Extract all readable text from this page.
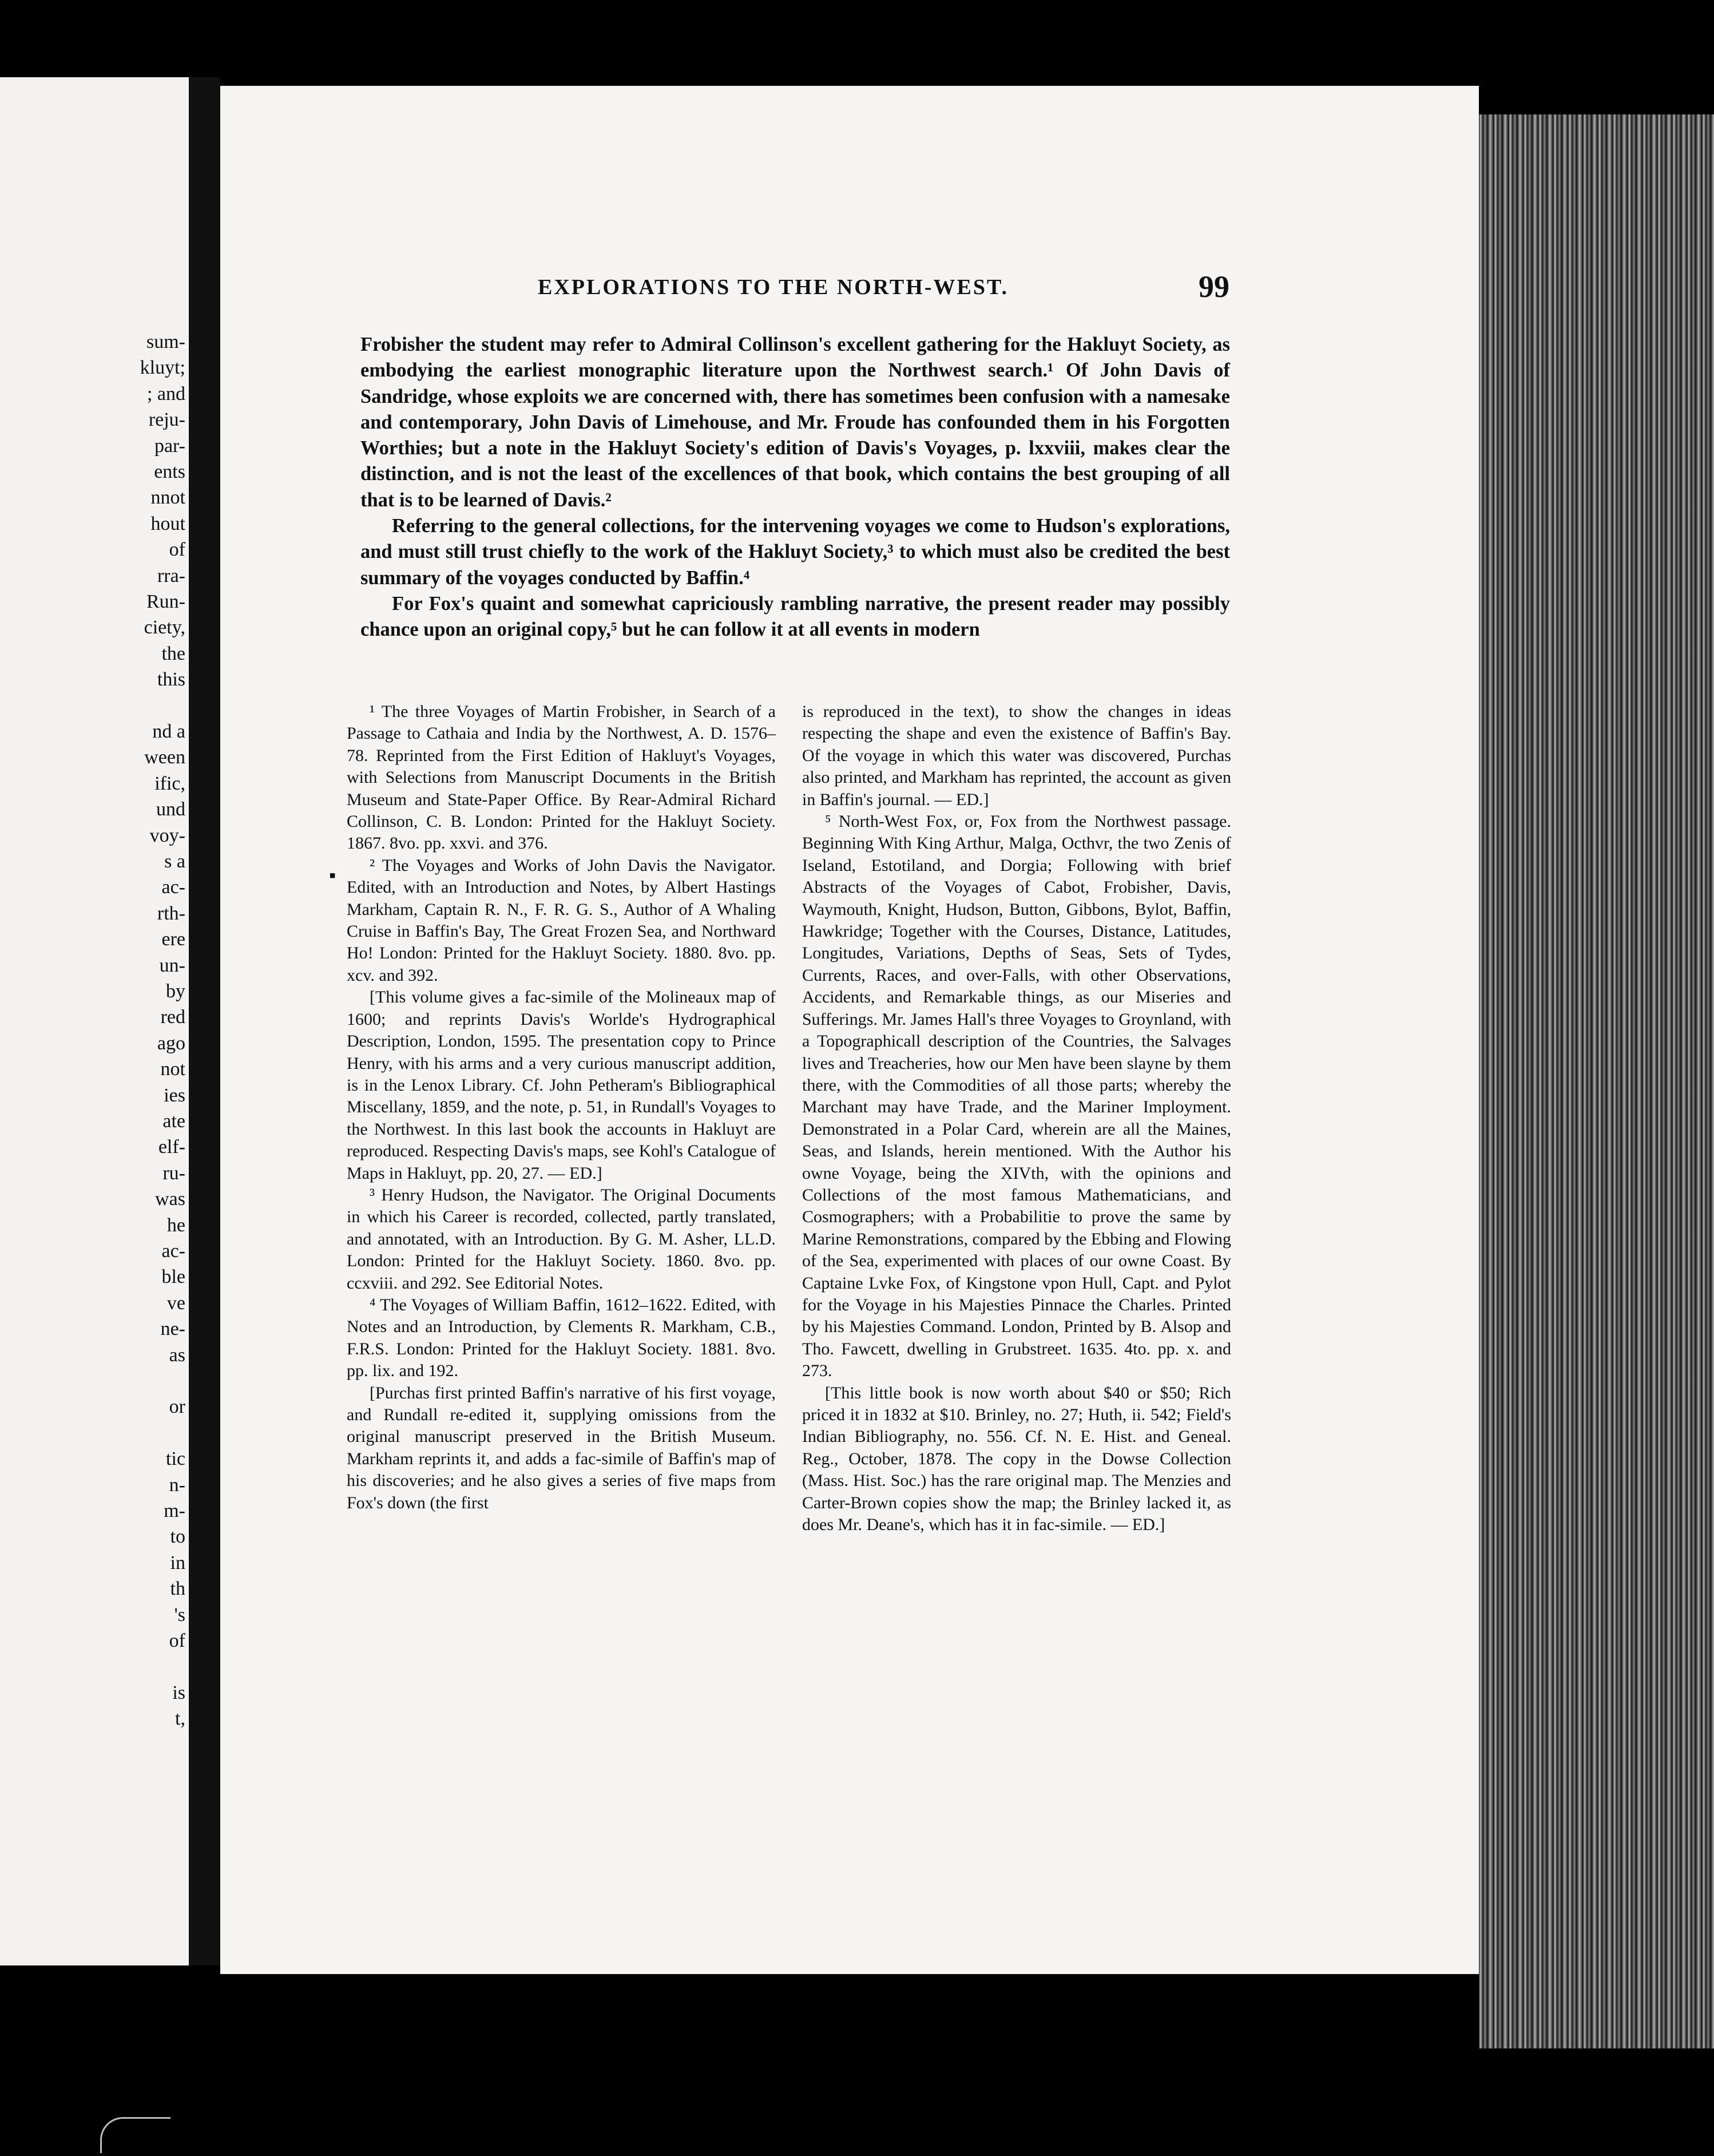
sum-
kluyt;
; and
reju-
par-
ents
nnot
hout
of
rra-
Run-
ciety,
the
this
nd a
ween
ific,
und
voy-
s a
ac-
rth-
ere
un-
by
red
ago
not
ies
ate
elf-
ru-
was
he
ac-
ble
ve
ne-
as
or
tic
n-
m-
to
in
th
's
of
is
t,
EXPLORATIONS TO THE NORTH-WEST.	99

Frobisher the student may refer to Admiral Collinson's excellent gathering for the Hakluyt Society, as embodying the earliest monographic literature upon the Northwest search.¹ Of John Davis of Sandridge, whose exploits we are concerned with, there has sometimes been confusion with a namesake and contemporary, John Davis of Limehouse, and Mr. Froude has confounded them in his Forgotten Worthies; but a note in the Hakluyt Society's edition of Davis's Voyages, p. lxxviii, makes clear the distinction, and is not the least of the excellences of that book, which contains the best grouping of all that is to be learned of Davis.²

Referring to the general collections, for the intervening voyages we come to Hudson's explorations, and must still trust chiefly to the work of the Hakluyt Society,³ to which must also be credited the best summary of the voyages conducted by Baffin.⁴

For Fox's quaint and somewhat capriciously rambling narrative, the present reader may possibly chance upon an original copy,⁵ but he can follow it at all events in modern

¹ The three Voyages of Martin Frobisher, in Search of a Passage to Cathaia and India by the Northwest, A. D. 1576–78. Reprinted from the First Edition of Hakluyt's Voyages, with Selections from Manuscript Documents in the British Museum and State-Paper Office. By Rear-Admiral Richard Collinson, C. B. London: Printed for the Hakluyt Society. 1867. 8vo. pp. xxvi. and 376.

² The Voyages and Works of John Davis the Navigator. Edited, with an Introduction and Notes, by Albert Hastings Markham, Captain R. N., F. R. G. S., Author of A Whaling Cruise in Baffin's Bay, The Great Frozen Sea, and Northward Ho! London: Printed for the Hakluyt Society. 1880. 8vo. pp. xcv. and 392.

[This volume gives a fac-simile of the Molineaux map of 1600; and reprints Davis's Worlde's Hydrographical Description, London, 1595. The presentation copy to Prince Henry, with his arms and a very curious manuscript addition, is in the Lenox Library. Cf. John Petheram's Bibliographical Miscellany, 1859, and the note, p. 51, in Rundall's Voyages to the Northwest. In this last book the accounts in Hakluyt are reproduced. Respecting Davis's maps, see Kohl's Catalogue of Maps in Hakluyt, pp. 20, 27. — ED.]

³ Henry Hudson, the Navigator. The Original Documents in which his Career is recorded, collected, partly translated, and annotated, with an Introduction. By G. M. Asher, LL.D. London: Printed for the Hakluyt Society. 1860. 8vo. pp. ccxviii. and 292. See Editorial Notes.

⁴ The Voyages of William Baffin, 1612–1622. Edited, with Notes and an Introduction, by Clements R. Markham, C.B., F.R.S. London: Printed for the Hakluyt Society. 1881. 8vo. pp. lix. and 192.

[Purchas first printed Baffin's narrative of his first voyage, and Rundall re-edited it, supplying omissions from the original manuscript preserved in the British Museum. Markham reprints it, and adds a fac-simile of Baffin's map of his discoveries; and he also gives a series of five maps from Fox's down (the first

is reproduced in the text), to show the changes in ideas respecting the shape and even the existence of Baffin's Bay. Of the voyage in which this water was discovered, Purchas also printed, and Markham has reprinted, the account as given in Baffin's journal. — ED.]

⁵ North-West Fox, or, Fox from the Northwest passage. Beginning With King Arthur, Malga, Octhvr, the two Zenis of Iseland, Estotiland, and Dorgia; Following with brief Abstracts of the Voyages of Cabot, Frobisher, Davis, Waymouth, Knight, Hudson, Button, Gibbons, Bylot, Baffin, Hawkridge; Together with the Courses, Distance, Latitudes, Longitudes, Variations, Depths of Seas, Sets of Tydes, Currents, Races, and over-Falls, with other Observations, Accidents, and Remarkable things, as our Miseries and Sufferings. Mr. James Hall's three Voyages to Groynland, with a Topographicall description of the Countries, the Salvages lives and Treacheries, how our Men have been slayne by them there, with the Commodities of all those parts; whereby the Marchant may have Trade, and the Mariner Imployment. Demonstrated in a Polar Card, wherein are all the Maines, Seas, and Islands, herein mentioned. With the Author his owne Voyage, being the XIVth, with the opinions and Collections of the most famous Mathematicians, and Cosmographers; with a Probabilitie to prove the same by Marine Remonstrations, compared by the Ebbing and Flowing of the Sea, experimented with places of our owne Coast. By Captaine Lvke Fox, of Kingstone vpon Hull, Capt. and Pylot for the Voyage in his Majesties Pinnace the Charles. Printed by his Majesties Command. London, Printed by B. Alsop and Tho. Fawcett, dwelling in Grubstreet. 1635. 4to. pp. x. and 273.

[This little book is now worth about $40 or $50; Rich priced it in 1832 at $10. Brinley, no. 27; Huth, ii. 542; Field's Indian Bibliography, no. 556. Cf. N. E. Hist. and Geneal. Reg., October, 1878. The copy in the Dowse Collection (Mass. Hist. Soc.) has the rare original map. The Menzies and Carter-Brown copies show the map; the Brinley lacked it, as does Mr. Deane's, which has it in fac-simile. — ED.]

▪
